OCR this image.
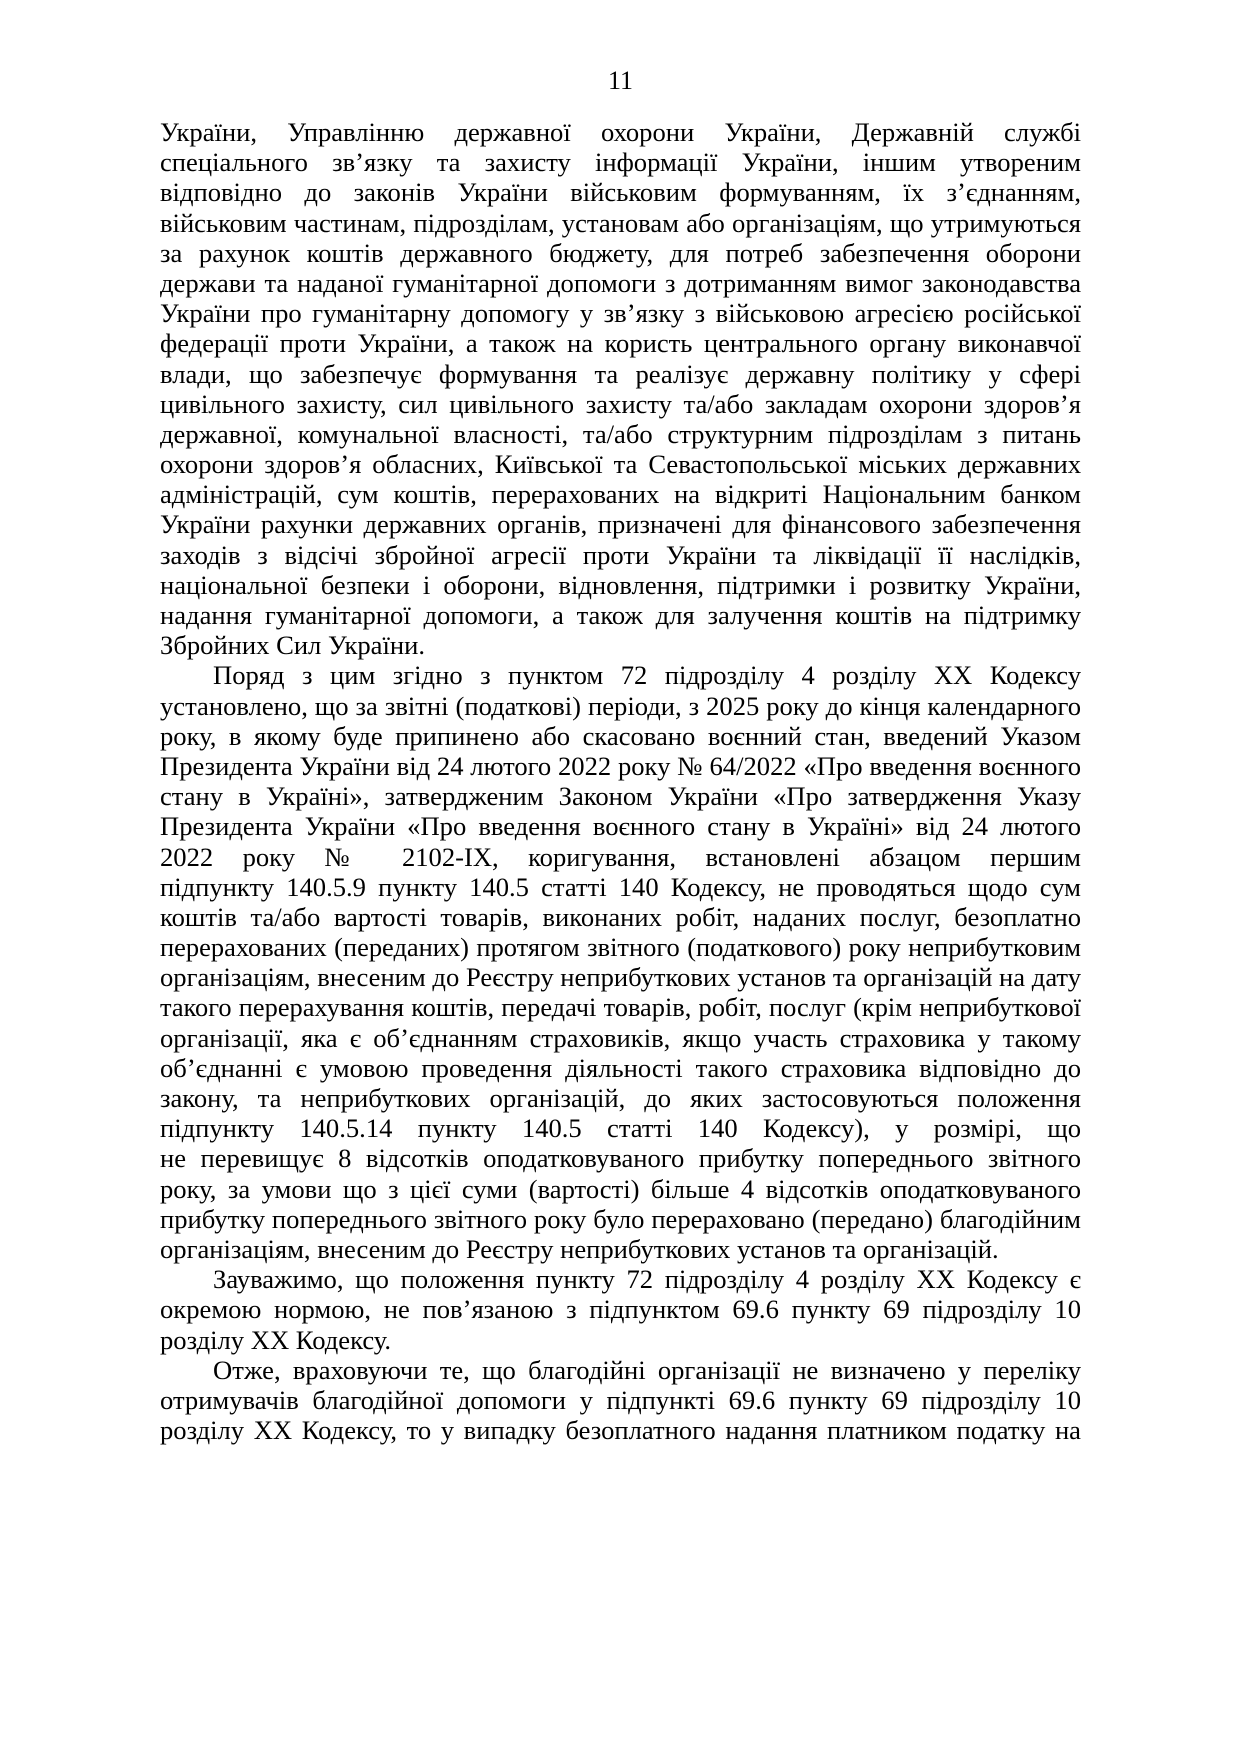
11
України, Управлінню державної охорони України, Державній службі
спеціального зв’язку та захисту інформації України, іншим утвореним
відповідно до законів України військовим формуванням, їх з’єднанням,
військовим частинам, підрозділам, установам або організаціям, що утримуються
за рахунок коштів державного бюджету, для потреб забезпечення оборони
держави та наданої гуманітарної допомоги з дотриманням вимог законодавства
України про гуманітарну допомогу у зв’язку з військовою агресією російської
федерації проти України, а також на користь центрального органу виконавчої
влади, що забезпечує формування та реалізує державну політику у сфері
цивільного захисту, сил цивільного захисту та/або закладам охорони здоров’я
державної, комунальної власності, та/або структурним підрозділам з питань
охорони здоров’я обласних, Київської та Севастопольської міських державних
адміністрацій, сум коштів, перерахованих на відкриті Національним банком
України рахунки державних органів, призначені для фінансового забезпечення
заходів з відсічі збройної агресії проти України та ліквідації її наслідків,
національної безпеки і оборони, відновлення, підтримки і розвитку України,
надання гуманітарної допомоги, а також для залучення коштів на підтримку
Збройних Сил України.
Поряд з цим згідно з пунктом 72 підрозділу 4 розділу XX Кодексу
установлено, що за звітні (податкові) періоди, з 2025 року до кінця календарного
року, в якому буде припинено або скасовано воєнний стан, введений Указом
Президента України від 24 лютого 2022 року № 64/2022 «Про введення воєнного
стану в Україні», затвердженим Законом України «Про затвердження Указу
Президента України «Про введення воєнного стану в Україні» від 24 лютого
2022 року № 2102-IX, коригування, встановлені абзацом першим
підпункту 140.5.9 пункту 140.5 статті 140 Кодексу, не проводяться щодо сум
коштів та/або вартості товарів, виконаних робіт, наданих послуг, безоплатно
перерахованих (переданих) протягом звітного (податкового) року неприбутковим
організаціям, внесеним до Реєстру неприбуткових установ та організацій на дату
такого перерахування коштів, передачі товарів, робіт, послуг (крім неприбуткової
організації, яка є об’єднанням страховиків, якщо участь страховика у такому
об’єднанні є умовою проведення діяльності такого страховика відповідно до
закону, та неприбуткових організацій, до яких застосовуються положення
підпункту 140.5.14 пункту 140.5 статті 140 Кодексу), у розмірі, що
не перевищує 8 відсотків оподатковуваного прибутку попереднього звітного
року, за умови що з цієї суми (вартості) більше 4 відсотків оподатковуваного
прибутку попереднього звітного року було перераховано (передано) благодійним
організаціям, внесеним до Реєстру неприбуткових установ та організацій.
Зауважимо, що положення пункту 72 підрозділу 4 розділу XX Кодексу є
окремою нормою, не пов’язаною з підпунктом 69.6 пункту 69 підрозділу 10
розділу XX Кодексу.
Отже, враховуючи те, що благодійні організації не визначено у переліку
отримувачів благодійної допомоги у підпункті 69.6 пункту 69 підрозділу 10
розділу XX Кодексу, то у випадку безоплатного надання платником податку на
